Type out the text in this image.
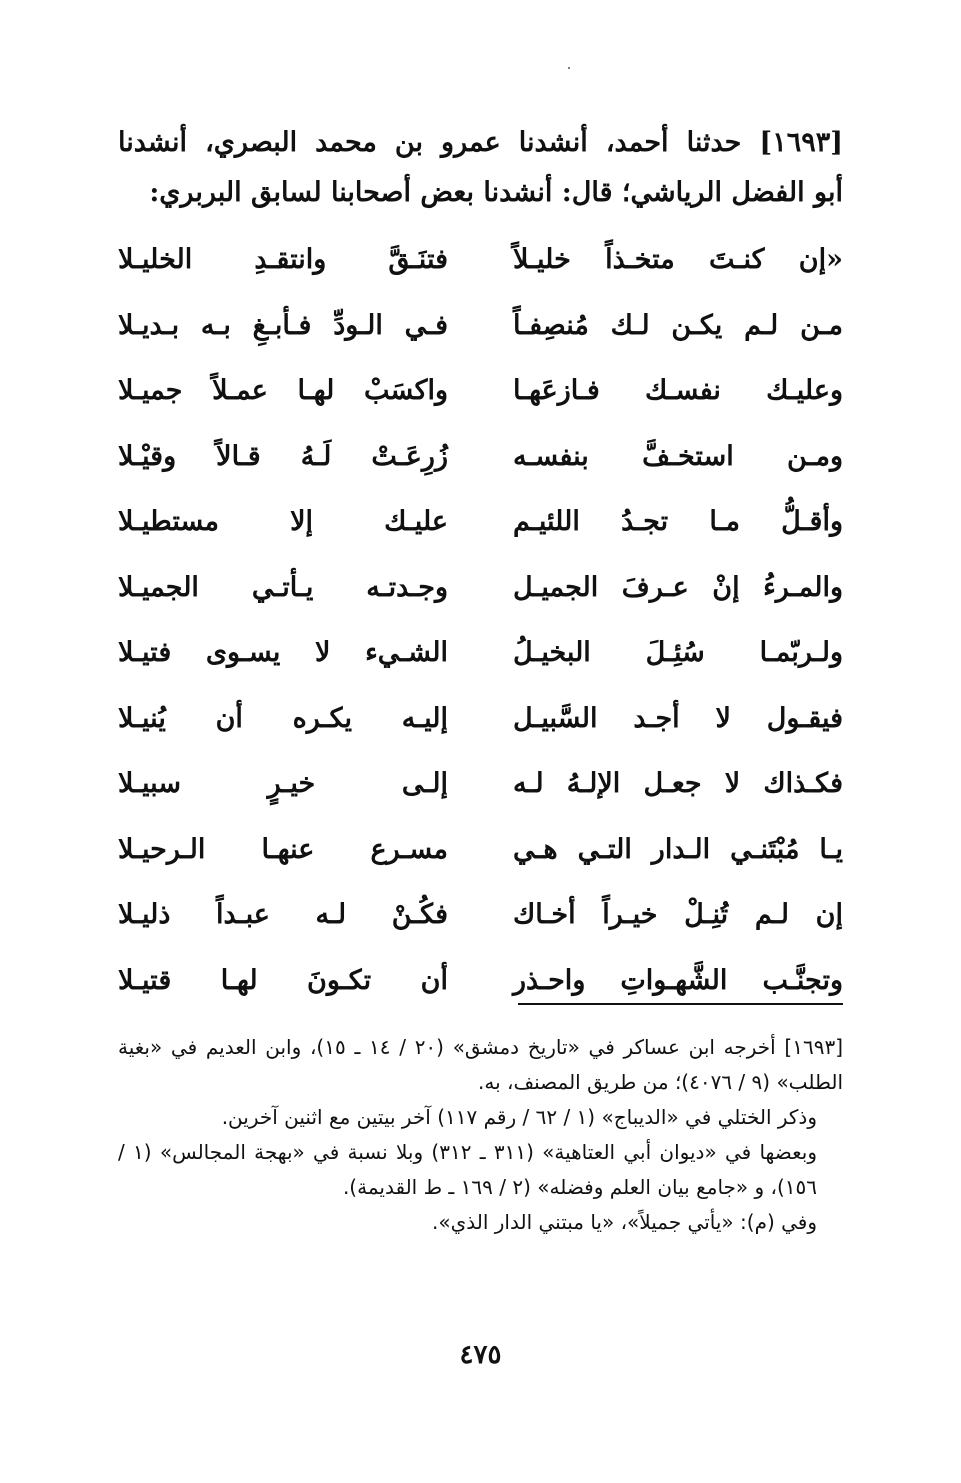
[١٦٩٣] حدثنا أحمد، أنشدنا عمرو بن محمد البصري، أنشدنا
أبو الفضل الرياشي؛ قال: أنشدنا بعض أصحابنا لسابق البربري:
«إن كنـتَ متخـذاً خليـلاً
فتنَـقَّ وانتقـدِ الخليـلا
مـن لـم يكـن لـك مُنصِفـاً
فـي الـودِّ فـأبـغِ بـه بـديـلا
وعليـك نفسـك فـازعَهـا
واكسَبْ لهـا عمـلاً جميـلا
ومـن استخـفَّ بنفسـه
زُرِعَـتْ لَـهُ قـالاً وقيْـلا
وأقـلُّ مـا تجـدُ اللئيـم
عليـك إلا مستطيـلا
والمـرءُ إنْ عـرفَ الجميـل
وجـدتـه يـأتـي الجميـلا
ولـربّمـا سُئِـلَ البخيـلُ
الشـيء لا يسـوى فتيـلا
فيقـول لا أجـد السَّبيـل
إليـه يكـره أن يُنيـلا
فكـذاك لا جعـل الإلـهُ لـه
إلـى خيـرٍ سبيـلا
يـا مُبْتَنـي الـدار التـي هـي
مسـرع عنهـا الـرحيـلا
إن لـم تُنِـلْ خيـراً أخـاك
فكُـنْ لـه عبـداً ذليـلا
وتجنَّـب الشَّهـواتِ واحـذر
أن تكـونَ لهـا قتيـلا

[١٦٩٣] أخرجه ابن عساكر في «تاريخ دمشق» (٢٠ / ١٤ ـ ١٥)، وابن العديم في «بغية الطلب» (٩ / ٤٠٧٦)؛ من طريق المصنف، به.

وذكر الختلي في «الديباج» (١ / ٦٢ / رقم ١١٧) آخر بيتين مع اثنين آخرين.

وبعضها في «ديوان أبي العتاهية» (٣١١ ـ ٣١٢) وبلا نسبة في «بهجة المجالس» (١ / ١٥٦)، و «جامع بيان العلم وفضله» (٢ / ١٦٩ ـ ط القديمة).

وفي (م): «يأتي جميلاً»، «يا مبتني الدار الذي».

٤٧٥
